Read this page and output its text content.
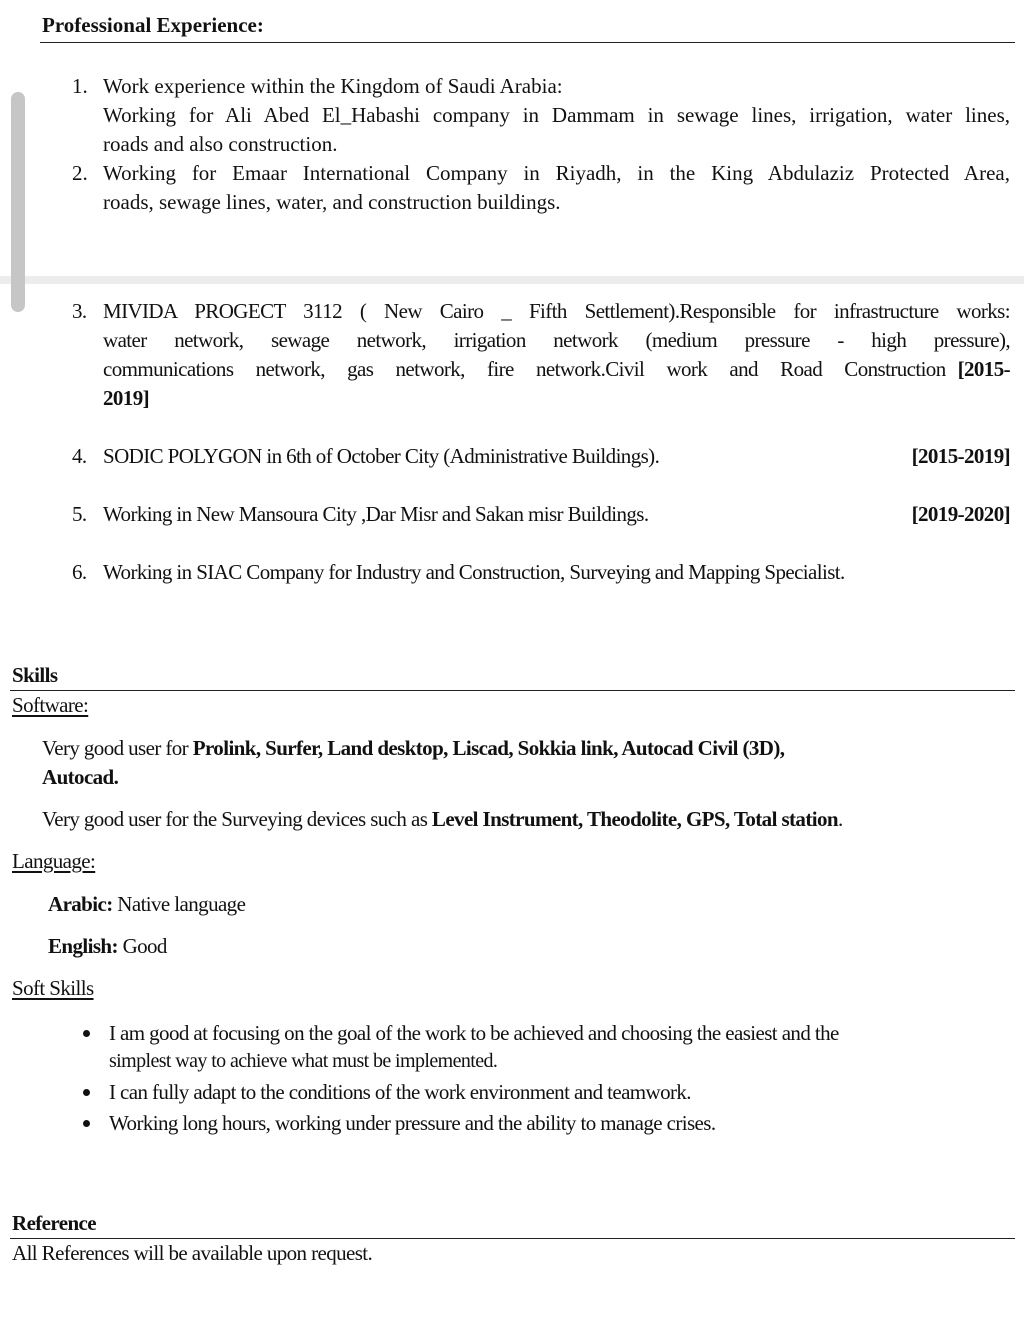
Professional Experience:
1. Work experience within the Kingdom of Saudi Arabia:
Working for Ali Abed El_Habashi company in Dammam in sewage lines, irrigation, water lines,
roads and also construction.
2. Working for Emaar International Company in Riyadh, in the King Abdulaziz Protected Area,
roads, sewage lines, water, and construction buildings.
3. MIVIDA PROGECT 3112 ( New Cairo _ Fifth Settlement).Responsible for infrastructure works:
water network, sewage network, irrigation network (medium pressure - high pressure),
communications network, gas network, fire network.Civil work and Road Construction [2015-
2019]
4. SODIC POLYGON in 6th of October City (Administrative Buildings).	[2015-2019]
5. Working in New Mansoura City ,Dar Misr and Sakan misr Buildings.	[2019-2020]
6. Working in SIAC Company for Industry and Construction, Surveying and Mapping Specialist.
Skills
Software:
Very good user for Prolink, Surfer, Land desktop, Liscad, Sokkia link, Autocad Civil (3D),
Autocad.
Very good user for the Surveying devices such as Level Instrument, Theodolite, GPS, Total station.
Language:
Arabic: Native language
English: Good
Soft Skills
I am good at focusing on the goal of the work to be achieved and choosing the easiest and the
simplest way to achieve what must be implemented.
I can fully adapt to the conditions of the work environment and teamwork.
Working long hours, working under pressure and the ability to manage crises.
Reference
All References will be available upon request.
